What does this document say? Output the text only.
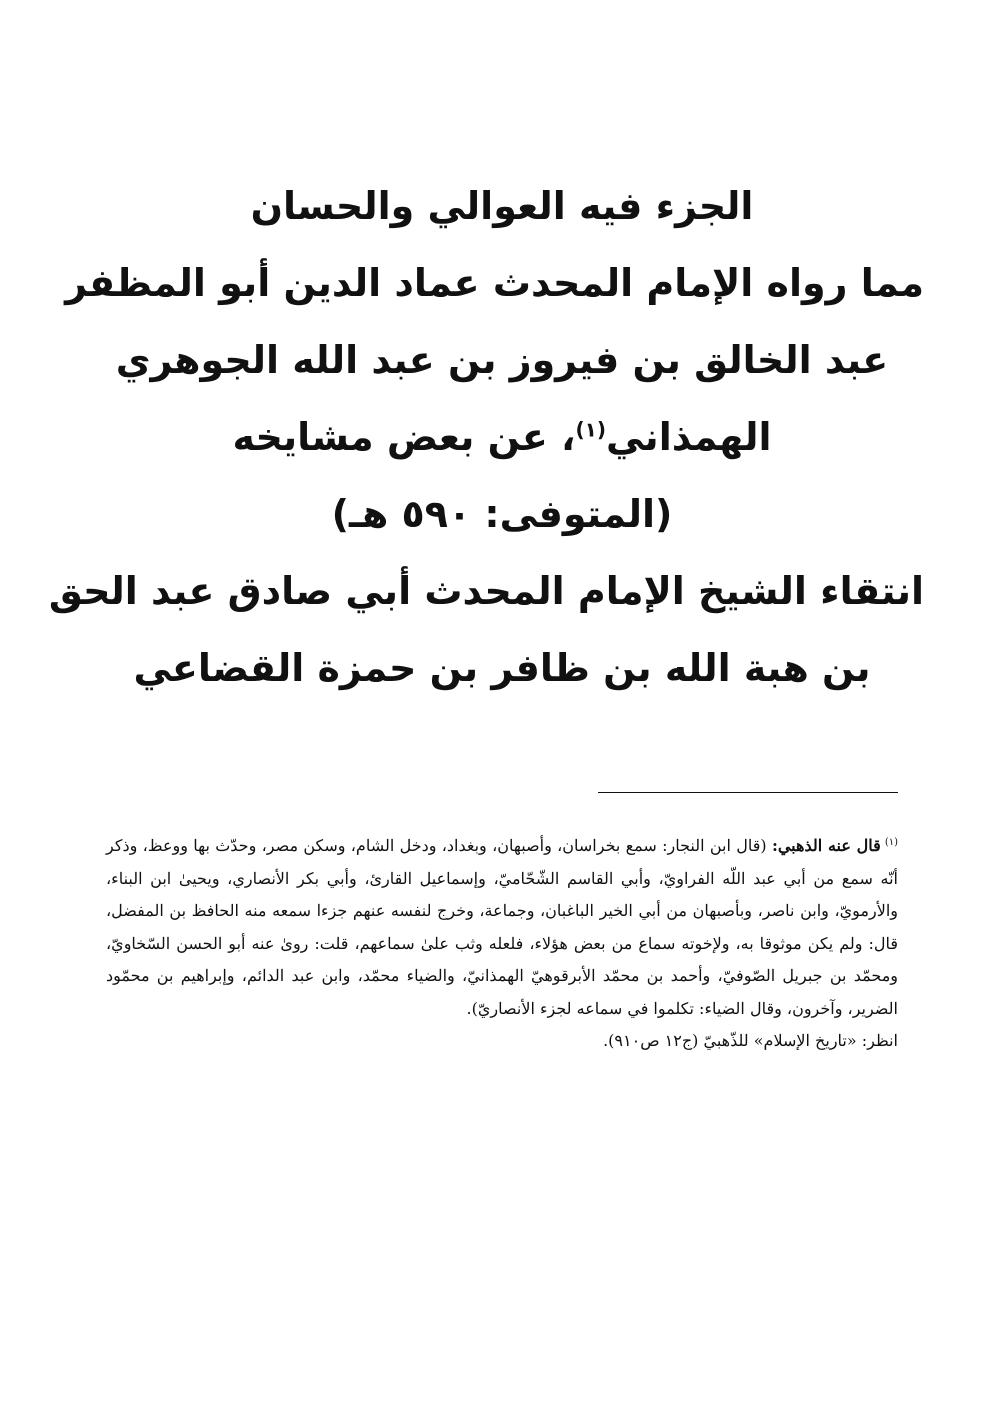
الجزء فيه العوالي والحسان
مما رواه الإمام المحدث عماد الدين أبو المظفر
عبد الخالق بن فيروز بن عبد الله الجوهري
الهمذاني$^{(١)}$، عن بعض مشايخه
(المتوفى: ٥٩٠ هـ)
انتقاء الشيخ الإمام المحدث أبي صادق عبد الحق
بن هبة الله بن ظافر بن حمزة القضاعي

$^{(١)}$قال عنه الذهبي: (قال ابن النجار: سمع بخراسان، وأصبهان، وبغداد، ودخل الشام، وسكن مصر، وحدّث بها ووعظ، وذكر أنّه سمع من أبي عبد اللّه الفراويّ، وأبي القاسم الشّحّاميّ، وإسماعيل القارئ، وأبي بكر الأنصاري، ويحيىٰ ابن البناء، والأرمويّ، وابن ناصر، وبأصبهان من أبي الخير الباغبان، وجماعة، وخرج لنفسه عنهم جزءا سمعه منه الحافظ بن المفضل، قال: ولم يكن موثوقا به، ولإخوته سماع من بعض هؤلاء، فلعله وثب علىٰ سماعهم، قلت: روىٰ عنه أبو الحسن السّخاويّ، ومحمّد بن جبريل الصّوفيّ، وأحمد بن محمّد الأبرقوهيّ الهمذانيّ، والضياء محمّد، وابن عبد الدائم، وإبراهيم بن محمّود الضرير، وآخرون، وقال الضياء: تكلموا في سماعه لجزء الأنصاريّ).

انظر: «تاريخ الإسلام» للذّهبيّ (ج١٢ ص٩١٠).
